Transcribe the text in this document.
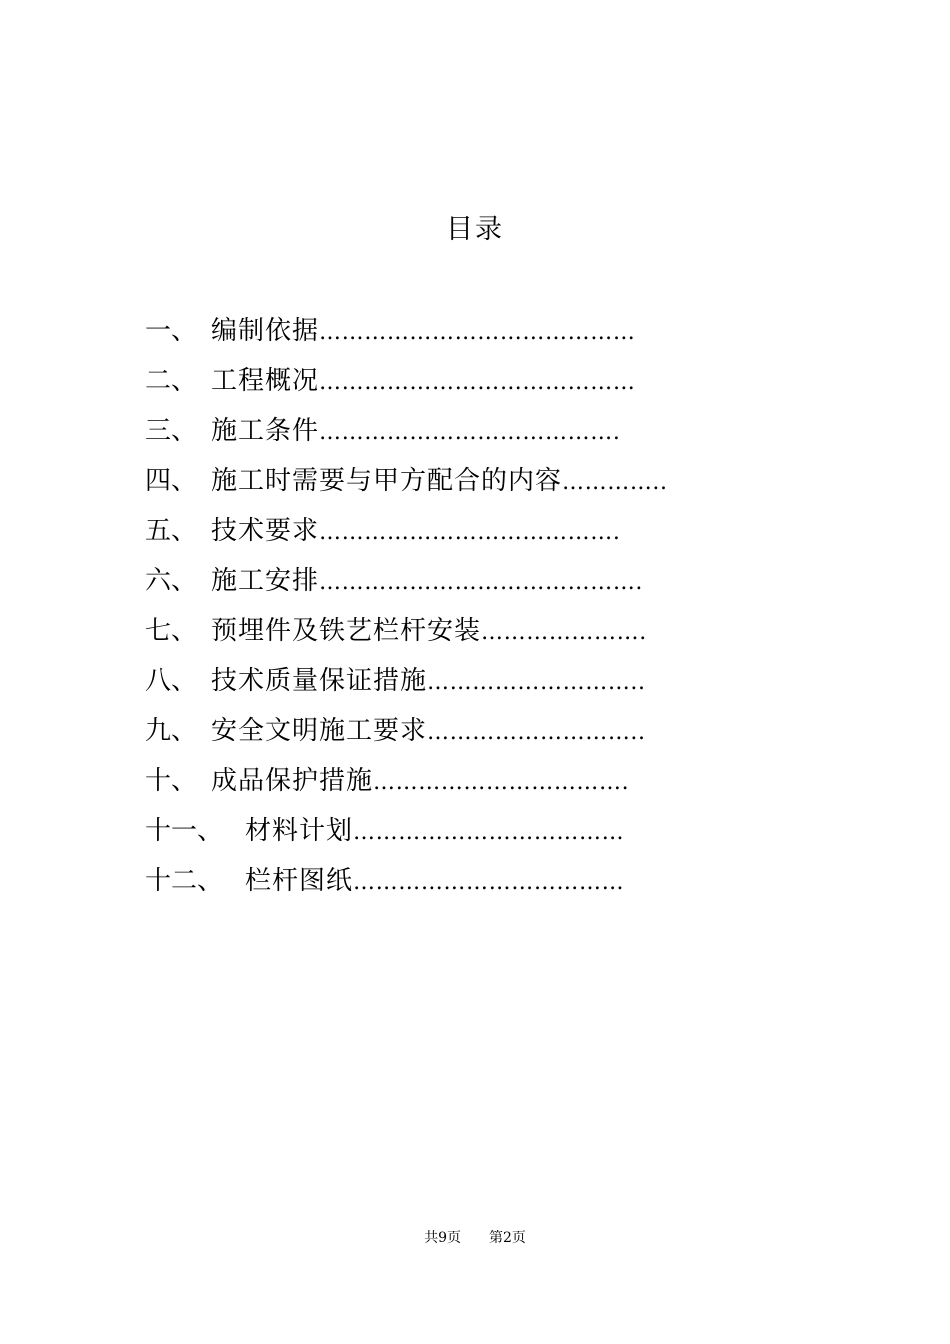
目录
一、 编制依据……………………………………
二、 工程概况……………………………………
三、 施工条件………………………………….
四、 施工时需要与甲方配合的内容…………..
五、 技术要求………………………………….
六、 施工安排…………………………………….
七、 预埋件及铁艺栏杆安装………………….
八、 技术质量保证措施………………………..
九、 安全文明施工要求………………………..
十、 成品保护措施…………………………….
十一、 材料计划………………………………
十二、 栏杆图纸………………………………
共9页 第2页
